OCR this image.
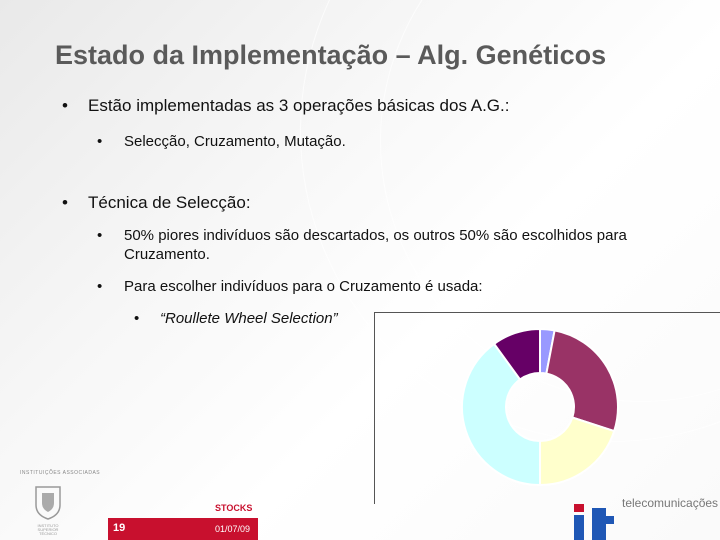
Estado da Implementação – Alg. Genéticos
• Estão implementadas as 3 operações básicas dos A.G.:
• Selecção, Cruzamento, Mutação.
• Técnica de Selecção:
• 50% piores indivíduos são descartados, os outros 50% são escolhidos para Cruzamento.
• Para escolher indivíduos para o Cruzamento é usada:
• “Roullete Wheel Selection”
INSTITUIÇÕES ASSOCIADAS
INSTITUTO
SUPERIOR
TÉCNICO
STOCKS
19	01/07/09
telecomunicações
